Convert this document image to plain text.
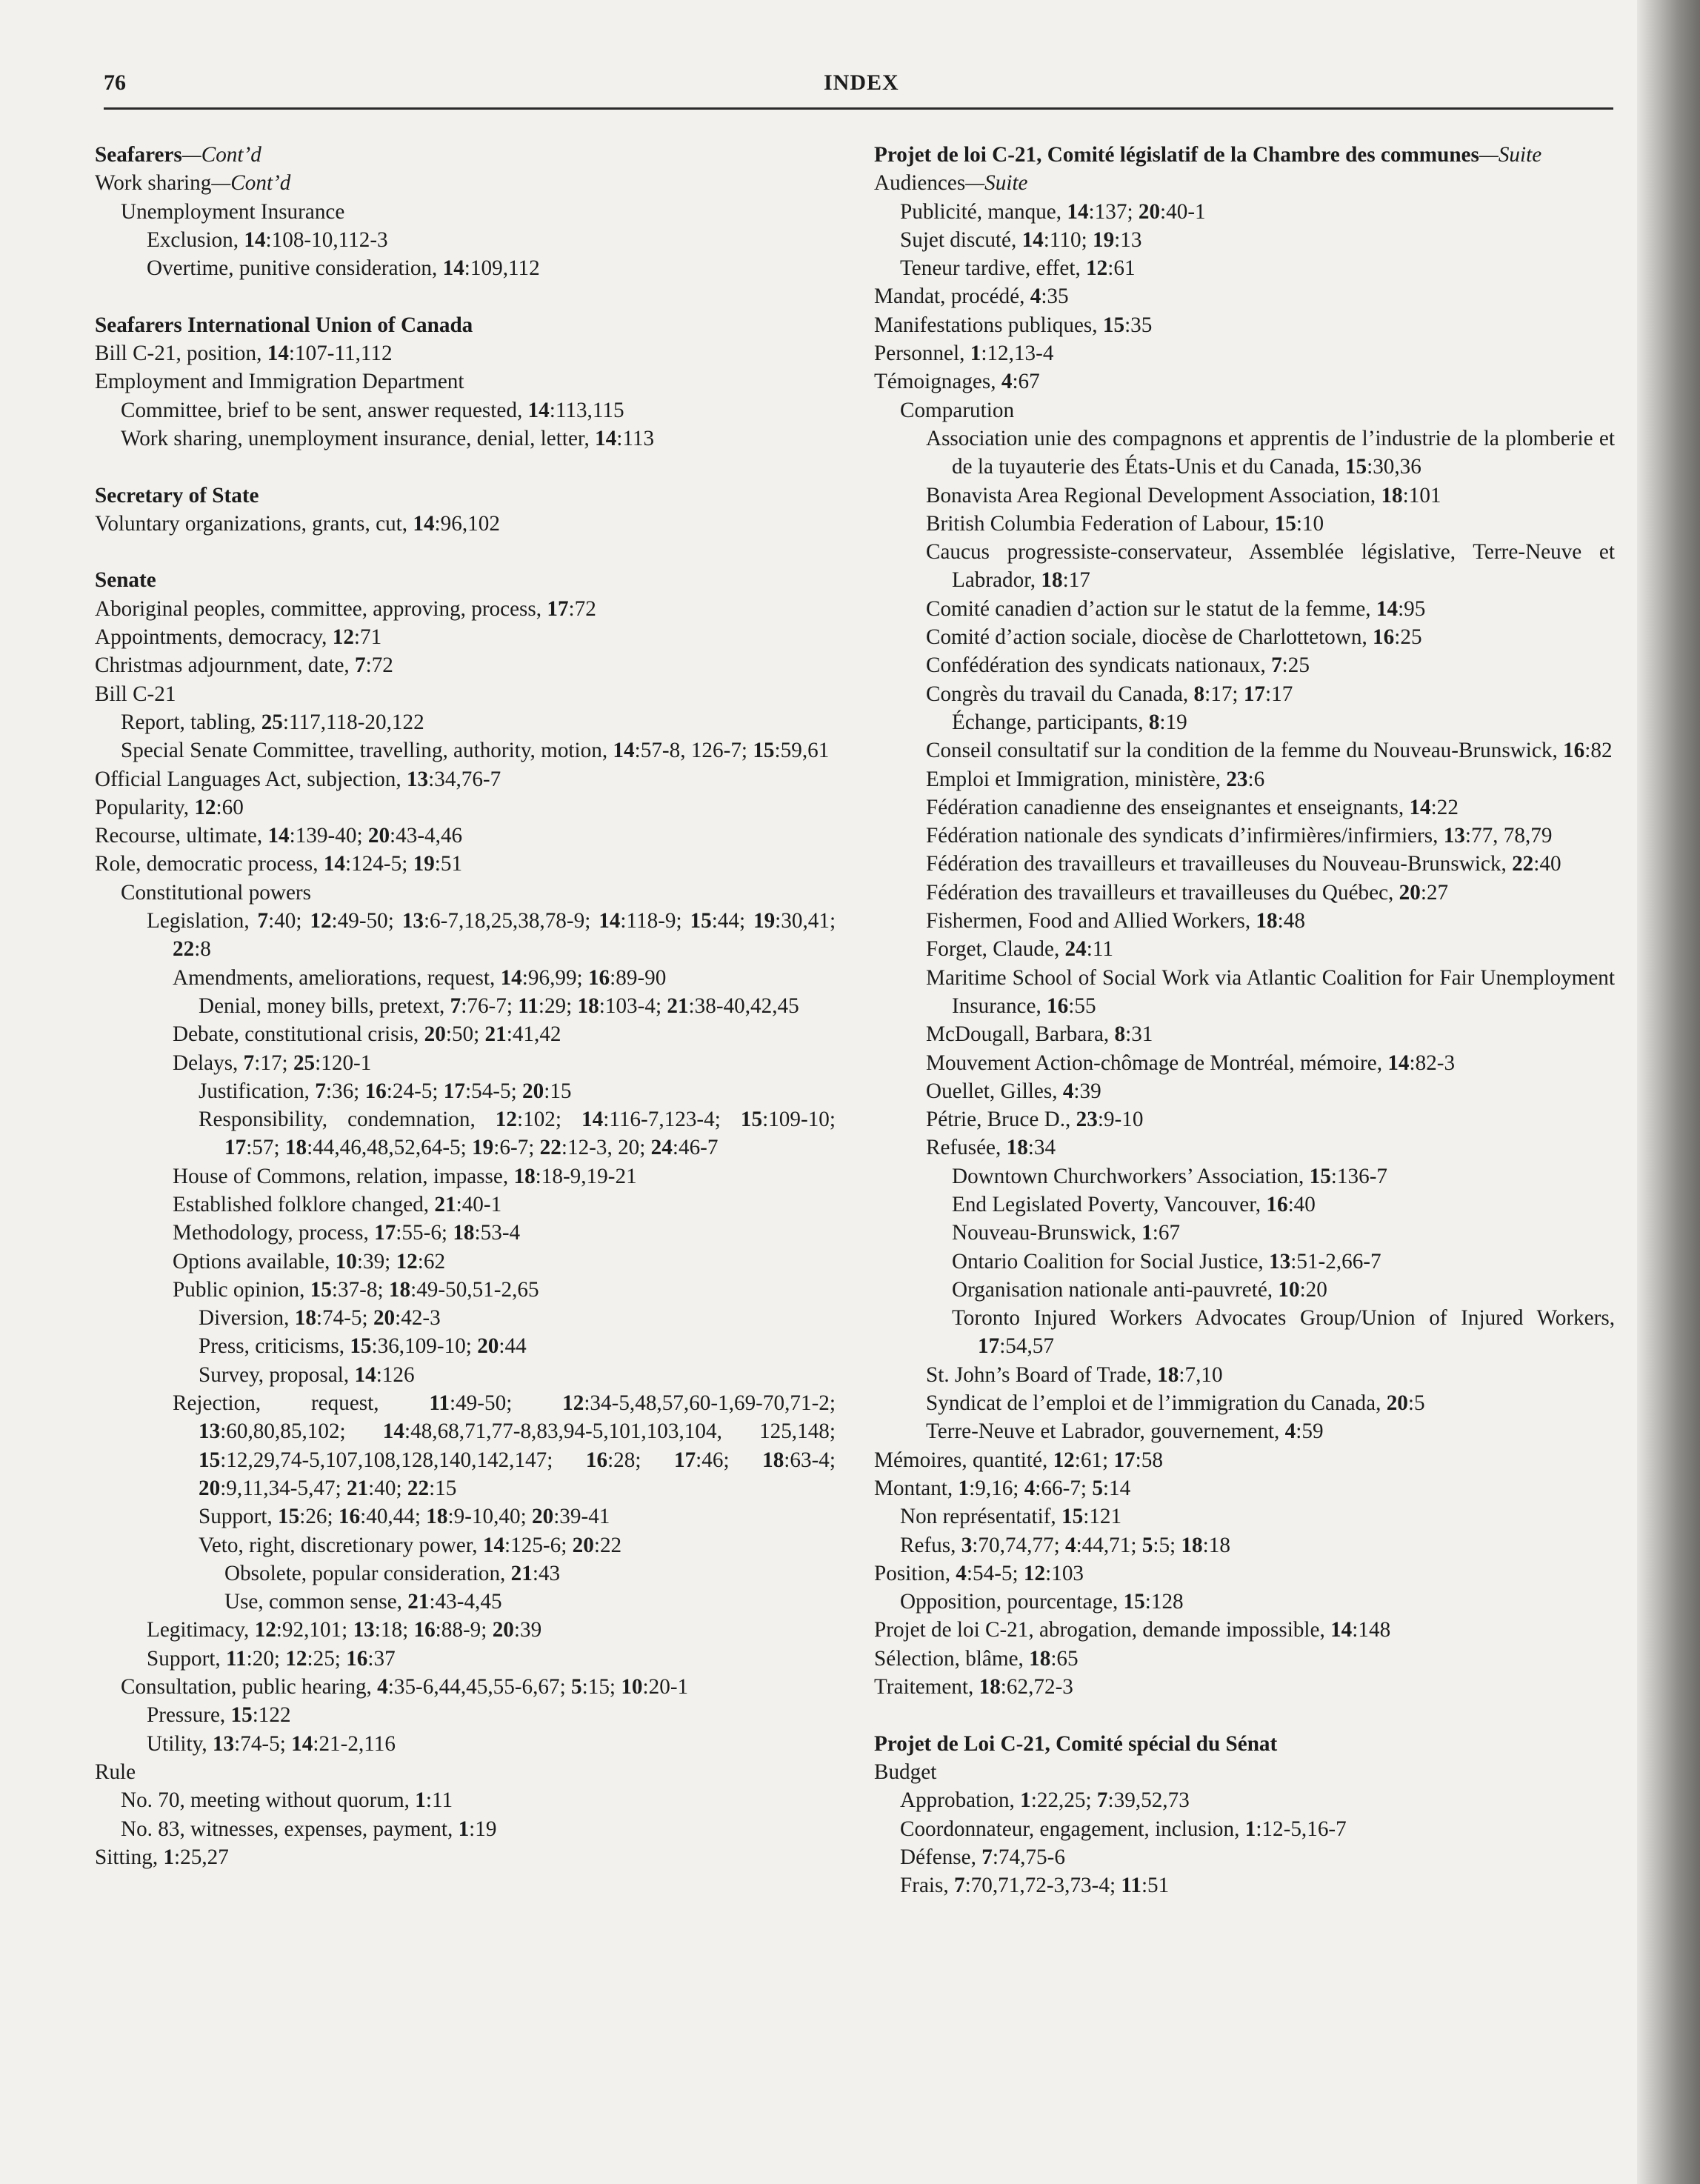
76	INDEX
Seafarers—Cont’d
Work sharing—Cont’d
Unemployment Insurance
Exclusion, 14:108-10,112-3
Overtime, punitive consideration, 14:109,112
Seafarers International Union of Canada
Bill C-21, position, 14:107-11,112
Employment and Immigration Department
Committee, brief to be sent, answer requested, 14:113,115
Work sharing, unemployment insurance, denial, letter, 14:113
Secretary of State
Voluntary organizations, grants, cut, 14:96,102
Senate
Aboriginal peoples, committee, approving, process, 17:72
Appointments, democracy, 12:71
Christmas adjournment, date, 7:72
Bill C-21
Report, tabling, 25:117,118-20,122
Special Senate Committee, travelling, authority, motion, 14:57-8, 126-7; 15:59,61
Official Languages Act, subjection, 13:34,76-7
Popularity, 12:60
Recourse, ultimate, 14:139-40; 20:43-4,46
Role, democratic process, 14:124-5; 19:51
Constitutional powers
Legislation, 7:40; 12:49-50; 13:6-7,18,25,38,78-9; 14:118-9; 15:44; 19:30,41; 22:8
Amendments, ameliorations, request, 14:96,99; 16:89-90
Denial, money bills, pretext, 7:76-7; 11:29; 18:103-4; 21:38-40,42,45
Debate, constitutional crisis, 20:50; 21:41,42
Delays, 7:17; 25:120-1
Justification, 7:36; 16:24-5; 17:54-5; 20:15
Responsibility, condemnation, 12:102; 14:116-7,123-4; 15:109-10; 17:57; 18:44,46,48,52,64-5; 19:6-7; 22:12-3, 20; 24:46-7
House of Commons, relation, impasse, 18:18-9,19-21
Established folklore changed, 21:40-1
Methodology, process, 17:55-6; 18:53-4
Options available, 10:39; 12:62
Public opinion, 15:37-8; 18:49-50,51-2,65
Diversion, 18:74-5; 20:42-3
Press, criticisms, 15:36,109-10; 20:44
Survey, proposal, 14:126
Rejection, request, 11:49-50; 12:34-5,48,57,60-1,69-70,71-2; 13:60,80,85,102; 14:48,68,71,77-8,83,94-5,101,103,104, 125,148; 15:12,29,74-5,107,108,128,140,142,147; 16:28; 17:46; 18:63-4; 20:9,11,34-5,47; 21:40; 22:15
Support, 15:26; 16:40,44; 18:9-10,40; 20:39-41
Veto, right, discretionary power, 14:125-6; 20:22
Obsolete, popular consideration, 21:43
Use, common sense, 21:43-4,45
Legitimacy, 12:92,101; 13:18; 16:88-9; 20:39
Support, 11:20; 12:25; 16:37
Consultation, public hearing, 4:35-6,44,45,55-6,67; 5:15; 10:20-1
Pressure, 15:122
Utility, 13:74-5; 14:21-2,116
Rule
No. 70, meeting without quorum, 1:11
No. 83, witnesses, expenses, payment, 1:19
Sitting, 1:25,27
Projet de loi C-21, Comité législatif de la Chambre des communes—Suite
Audiences—Suite
Publicité, manque, 14:137; 20:40-1
Sujet discuté, 14:110; 19:13
Teneur tardive, effet, 12:61
Mandat, procédé, 4:35
Manifestations publiques, 15:35
Personnel, 1:12,13-4
Témoignages, 4:67
Comparution
Association unie des compagnons et apprentis de l’industrie de la plomberie et de la tuyauterie des États-Unis et du Canada, 15:30,36
Bonavista Area Regional Development Association, 18:101
British Columbia Federation of Labour, 15:10
Caucus progressiste-conservateur, Assemblée législative, Terre-Neuve et Labrador, 18:17
Comité canadien d’action sur le statut de la femme, 14:95
Comité d’action sociale, diocèse de Charlottetown, 16:25
Confédération des syndicats nationaux, 7:25
Congrès du travail du Canada, 8:17; 17:17
Échange, participants, 8:19
Conseil consultatif sur la condition de la femme du Nouveau-Brunswick, 16:82
Emploi et Immigration, ministère, 23:6
Fédération canadienne des enseignantes et enseignants, 14:22
Fédération nationale des syndicats d’infirmières/infirmiers, 13:77, 78,79
Fédération des travailleurs et travailleuses du Nouveau-Brunswick, 22:40
Fédération des travailleurs et travailleuses du Québec, 20:27
Fishermen, Food and Allied Workers, 18:48
Forget, Claude, 24:11
Maritime School of Social Work via Atlantic Coalition for Fair Unemployment Insurance, 16:55
McDougall, Barbara, 8:31
Mouvement Action-chômage de Montréal, mémoire, 14:82-3
Ouellet, Gilles, 4:39
Pétrie, Bruce D., 23:9-10
Refusée, 18:34
Downtown Churchworkers’ Association, 15:136-7
End Legislated Poverty, Vancouver, 16:40
Nouveau-Brunswick, 1:67
Ontario Coalition for Social Justice, 13:51-2,66-7
Organisation nationale anti-pauvreté, 10:20
Toronto Injured Workers Advocates Group/Union of Injured Workers, 17:54,57
St. John’s Board of Trade, 18:7,10
Syndicat de l’emploi et de l’immigration du Canada, 20:5
Terre-Neuve et Labrador, gouvernement, 4:59
Mémoires, quantité, 12:61; 17:58
Montant, 1:9,16; 4:66-7; 5:14
Non représentatif, 15:121
Refus, 3:70,74,77; 4:44,71; 5:5; 18:18
Position, 4:54-5; 12:103
Opposition, pourcentage, 15:128
Projet de loi C-21, abrogation, demande impossible, 14:148
Sélection, blâme, 18:65
Traitement, 18:62,72-3
Projet de Loi C-21, Comité spécial du Sénat
Budget
Approbation, 1:22,25; 7:39,52,73
Coordonnateur, engagement, inclusion, 1:12-5,16-7
Défense, 7:74,75-6
Frais, 7:70,71,72-3,73-4; 11:51
